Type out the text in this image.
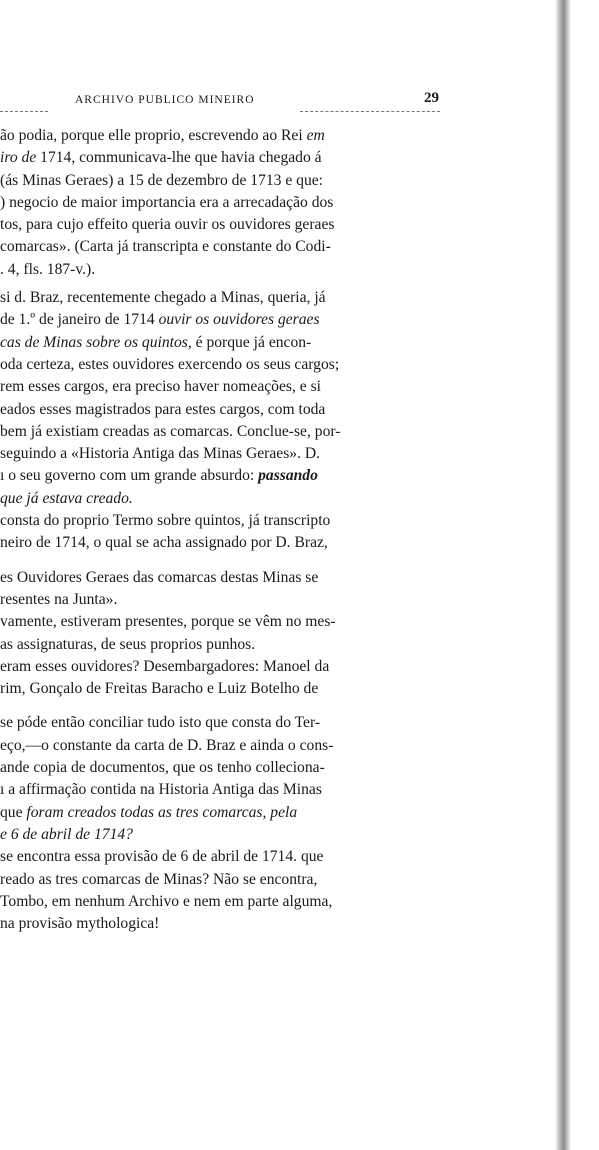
ARCHIVO PUBLICO MINEIRO	29
ão podia, porque elle proprio, escrevendo ao Rei em
iro de 1714, communicava-lhe que havia chegado á
(ás Minas Geraes) a 15 de dezembro de 1713 e que:
) negocio de maior importancia era a arrecadação dos
tos, para cujo effeito queria ouvir os ouvidores geraes
comarcas». (Carta já transcripta e constante do Codi-
. 4, fls. 187-v.).
si d. Braz, recentemente chegado a Minas, queria, já
de 1.º de janeiro de 1714 ouvir os ouvidores geraes
cas de Minas sobre os quintos, é porque já encon-
oda certeza, estes ouvidores exercendo os seus cargos;
rem esses cargos, era preciso haver nomeações, e si
eados esses magistrados para estes cargos, com toda
bem já existiam creadas as comarcas. Conclue-se, por-
seguindo a «Historia Antiga das Minas Geraes». D.
ı o seu governo com um grande absurdo: passando
que já estava creado.
consta do proprio Termo sobre quintos, já transcripto
neiro de 1714, o qual se acha assignado por D. Braz,
es Ouvidores Geraes das comarcas destas Minas se
resentes na Junta».
vamente, estiveram presentes, porque se vêm no mes-
as assignaturas, de seus proprios punhos.
eram esses ouvidores? Desembargadores: Manoel da
rim, Gonçalo de Freitas Baracho e Luiz Botelho de
se póde então conciliar tudo isto que consta do Ter-
eço,—o constante da carta de D. Braz e ainda o cons-
ande copia de documentos, que os tenho colleciona-
ı a affirmação contida na Historia Antiga das Minas
que foram creados todas as tres comarcas, pela
e 6 de abril de 1714?
se encontra essa provisão de 6 de abril de 1714. que
reado as tres comarcas de Minas? Não se encontra,
Tombo, em nenhum Archivo e nem em parte alguma,
na provisão mythologica!
